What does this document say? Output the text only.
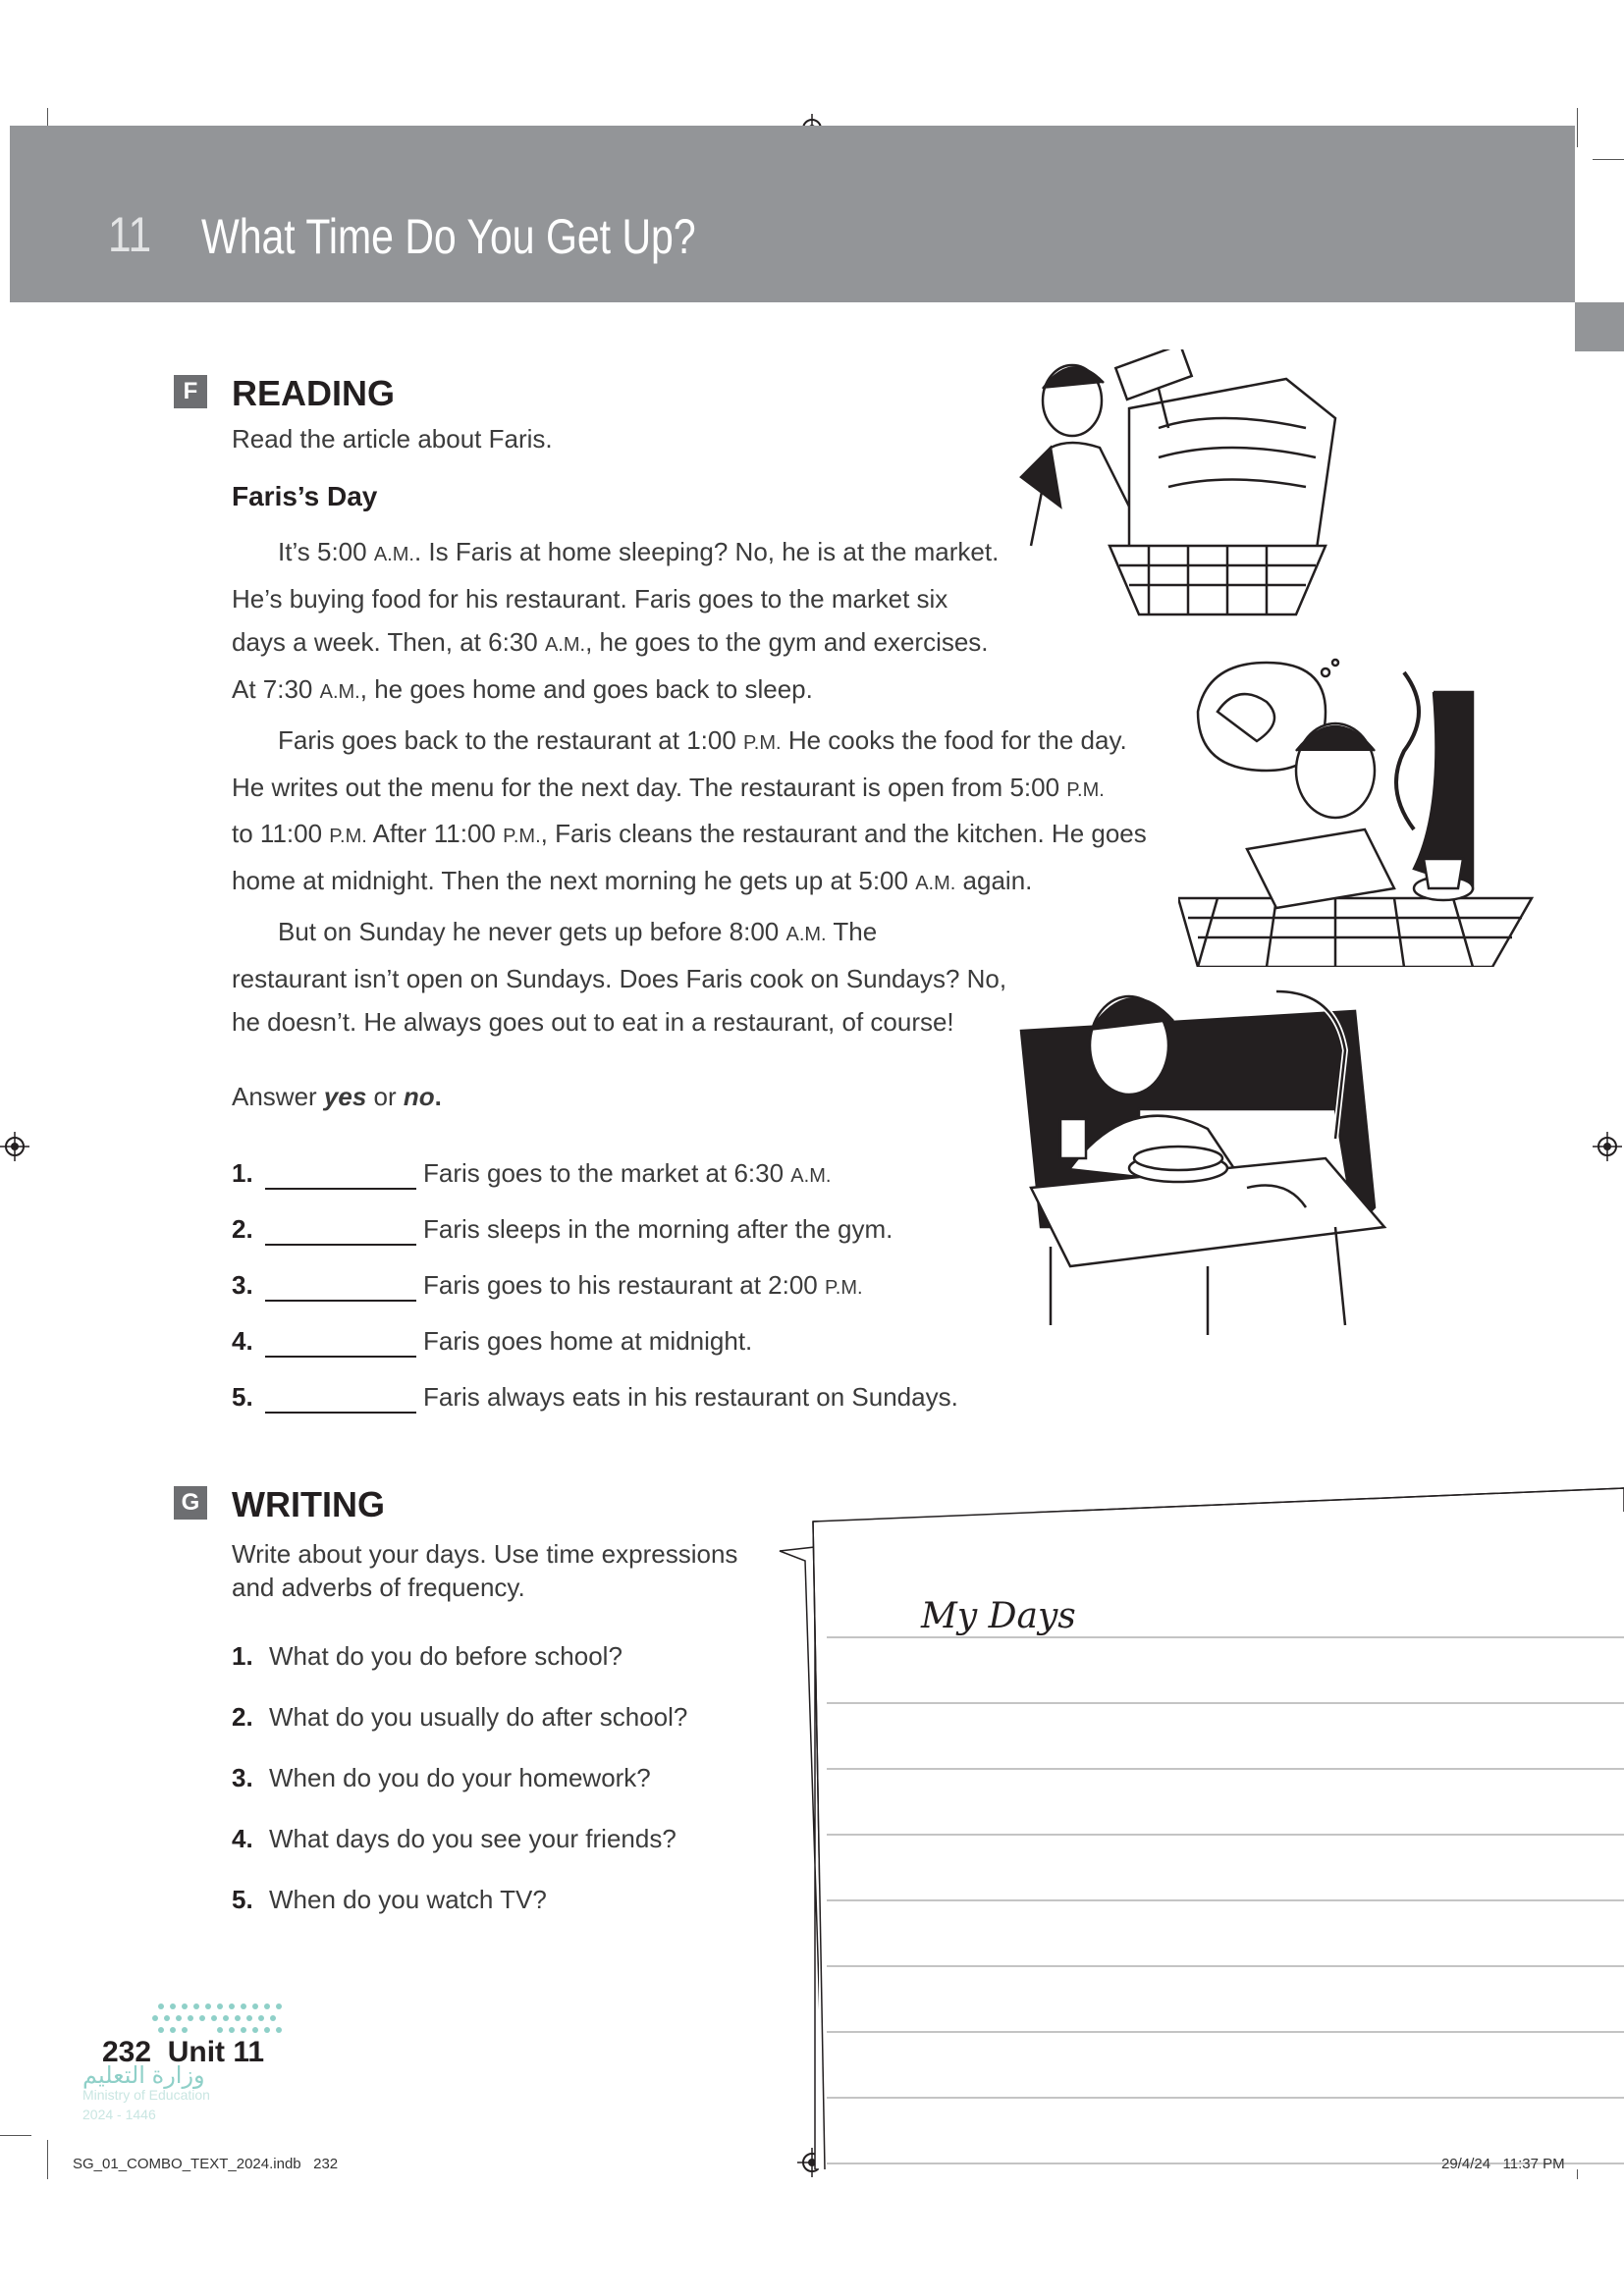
11 What Time Do You Get Up?
F READING
Read the article about Faris.
Faris’s Day

It’s 5:00 A.M.. Is Faris at home sleeping? No, he is at the market.
He’s buying food for his restaurant. Faris goes to the market six
days a week. Then, at 6:30 A.M., he goes to the gym and exercises.
At 7:30 A.M., he goes home and goes back to sleep.

Faris goes back to the restaurant at 1:00 P.M. He cooks the food for the day.
He writes out the menu for the next day. The restaurant is open from 5:00 P.M.
to 11:00 P.M. After 11:00 P.M., Faris cleans the restaurant and the kitchen. He goes
home at midnight. Then the next morning he gets up at 5:00 A.M. again.

But on Sunday he never gets up before 8:00 A.M. The
restaurant isn’t open on Sundays. Does Faris cook on Sundays? No,
he doesn’t. He always goes out to eat in a restaurant, of course!

Answer yes or no.
1.	Faris goes to the market at 6:30 A.M.
2.	Faris sleeps in the morning after the gym.
3.	Faris goes to his restaurant at 2:00 P.M.
4.	Faris goes home at midnight.
5.	Faris always eats in his restaurant on Sundays.
G WRITING
Write about your days. Use time expressions
and adverbs of frequency.
1. What do you do before school?
2. What do you usually do after school?
3. When do you do your homework?
4. What days do you see your friends?
5. When do you watch TV?
My Days
232 Unit 11
وزارة التعليم
Ministry of Education
2024 - 1446
SG_01_COMBO_TEXT_2024.indb   232	29/4/24   11:37 PM
